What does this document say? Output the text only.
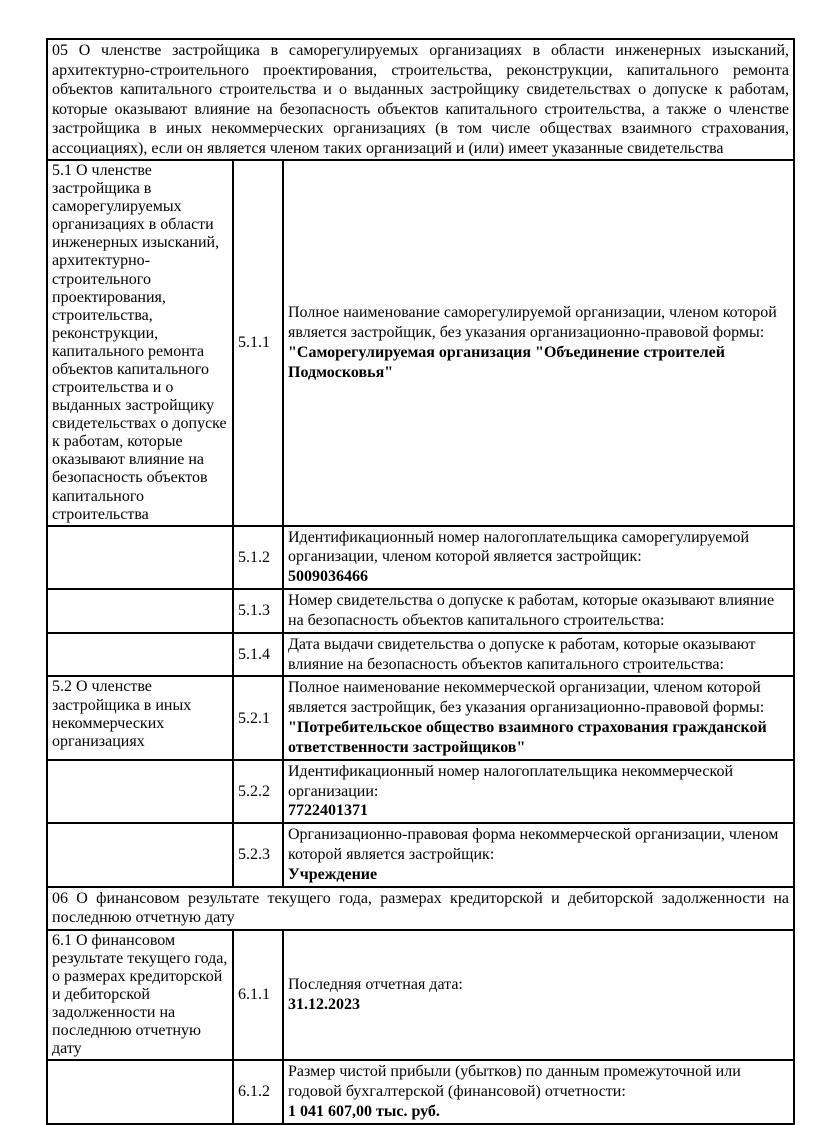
05 О членстве застройщика в саморегулируемых организациях в области инженерных изысканий, архитектурно-строительного проектирования, строительства, реконструкции, капитального ремонта объектов капитального строительства и о выданных застройщику свидетельствах о допуске к работам, которые оказывают влияние на безопасность объектов капитального строительства, а также о членстве застройщика в иных некоммерческих организациях (в том числе обществах взаимного страхования, ассоциациях), если он является членом таких организаций и (или) имеет указанные свидетельства		
5.1 О членстве застройщика в саморегулируемых организациях в области инженерных изысканий, архитектурно-строительного проектирования, строительства, реконструкции, капитального ремонта объектов капитального строительства и о выданных застройщику свидетельствах о допуске к работам, которые оказывают влияние на безопасность объектов капитального строительства	5.1.1	Полное наименование саморегулируемой организации, членом которой является застройщик, без указания организационно-правовой формы:
"Саморегулируемая организация "Объединение строителей Подмосковья"

	5.1.2	Идентификационный номер налогоплательщика саморегулируемой организации, членом которой является застройщик:
5009036466

	5.1.3	Номер свидетельства о допуске к работам, которые оказывают влияние на безопасность объектов капитального строительства:

	5.1.4	Дата выдачи свидетельства о допуске к работам, которые оказывают влияние на безопасность объектов капитального строительства:

5.2 О членстве застройщика в иных некоммерческих организациях	5.2.1	Полное наименование некоммерческой организации, членом которой является застройщик, без указания организационно-правовой формы:
"Потребительское общество взаимного страхования гражданской ответственности застройщиков"

	5.2.2	Идентификационный номер налогоплательщика некоммерческой организации:
7722401371

	5.2.3	Организационно-правовая форма некоммерческой организации, членом которой является застройщик:
Учреждение

06 О финансовом результате текущего года, размерах кредиторской и дебиторской задолженности на последнюю отчетную дату		
6.1 О финансовом результате текущего года, о размерах кредиторской и дебиторской задолженности на последнюю отчетную дату	6.1.1	Последняя отчетная дата:
31.12.2023

	6.1.2	Размер чистой прибыли (убытков) по данным промежуточной или годовой бухгалтерской (финансовой) отчетности:
1 041 607,00 тыс. руб.
